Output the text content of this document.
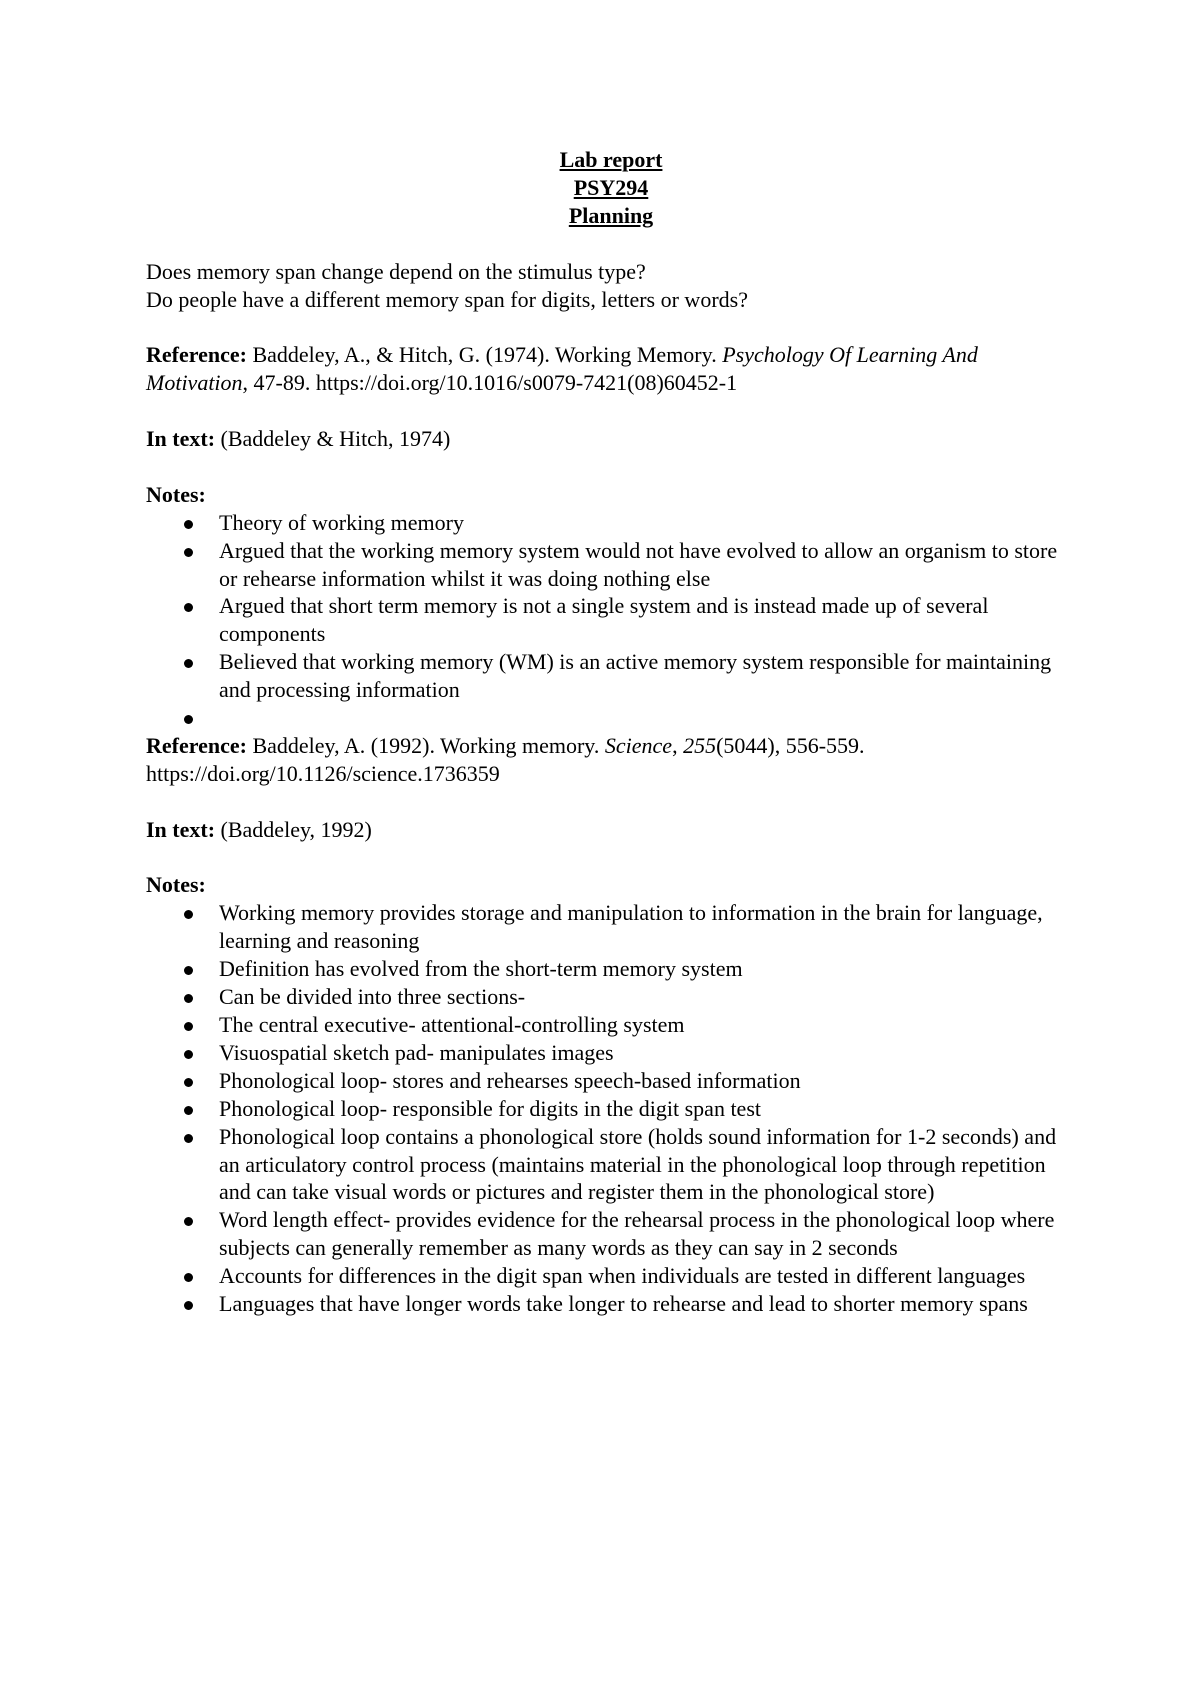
Lab report

PSY294

Planning

Does memory span change depend on the stimulus type?

Do people have a different memory span for digits, letters or words?

Reference: Baddeley, A., & Hitch, G. (1974). Working Memory. Psychology Of Learning And Motivation, 47-89. https://doi.org/10.1016/s0079-7421(08)60452-1

In text: (Baddeley & Hitch, 1974)

Notes:

Theory of working memory
Argued that the working memory system would not have evolved to allow an organism to store or rehearse information whilst it was doing nothing else
Argued that short term memory is not a single system and is instead made up of several components
Believed that working memory (WM) is an active memory system responsible for maintaining and processing information

Reference: Baddeley, A. (1992). Working memory. Science, 255(5044), 556-559. https://doi.org/10.1126/science.1736359

In text: (Baddeley, 1992)

Notes:

Working memory provides storage and manipulation to information in the brain for language, learning and reasoning
Definition has evolved from the short-term memory system
Can be divided into three sections-
The central executive- attentional-controlling system
Visuospatial sketch pad- manipulates images
Phonological loop- stores and rehearses speech-based information
Phonological loop- responsible for digits in the digit span test
Phonological loop contains a phonological store (holds sound information for 1-2 seconds) and an articulatory control process (maintains material in the phonological loop through repetition and can take visual words or pictures and register them in the phonological store)
Word length effect- provides evidence for the rehearsal process in the phonological loop where subjects can generally remember as many words as they can say in 2 seconds
Accounts for differences in the digit span when individuals are tested in different languages
Languages that have longer words take longer to rehearse and lead to shorter memory spans
